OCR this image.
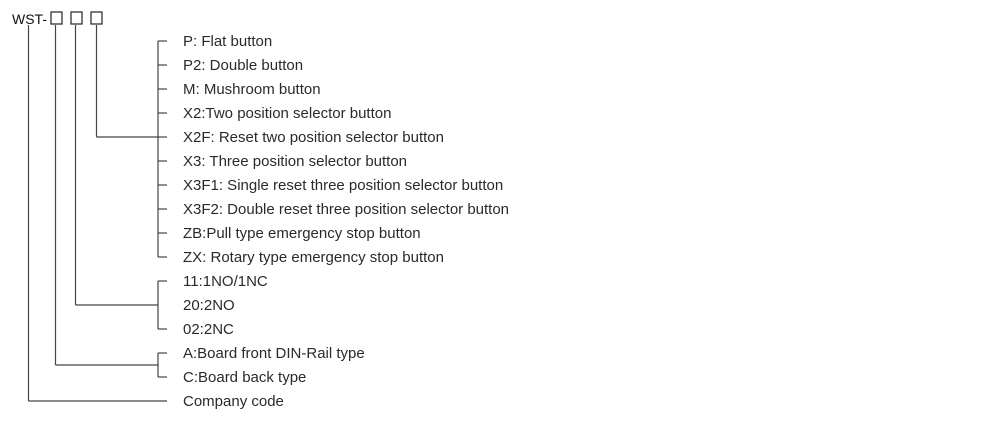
WST-
P: Flat button
P2: Double button
M: Mushroom button
X2:Two position selector button
X2F: Reset two position selector button
X3: Three position selector button
X3F1: Single reset three position selector button
X3F2: Double reset three position selector button
ZB:Pull type emergency stop button
ZX: Rotary type emergency stop button
11:1NO/1NC
20:2NO
02:2NC
A:Board front DIN-Rail type
C:Board back type
Company code
